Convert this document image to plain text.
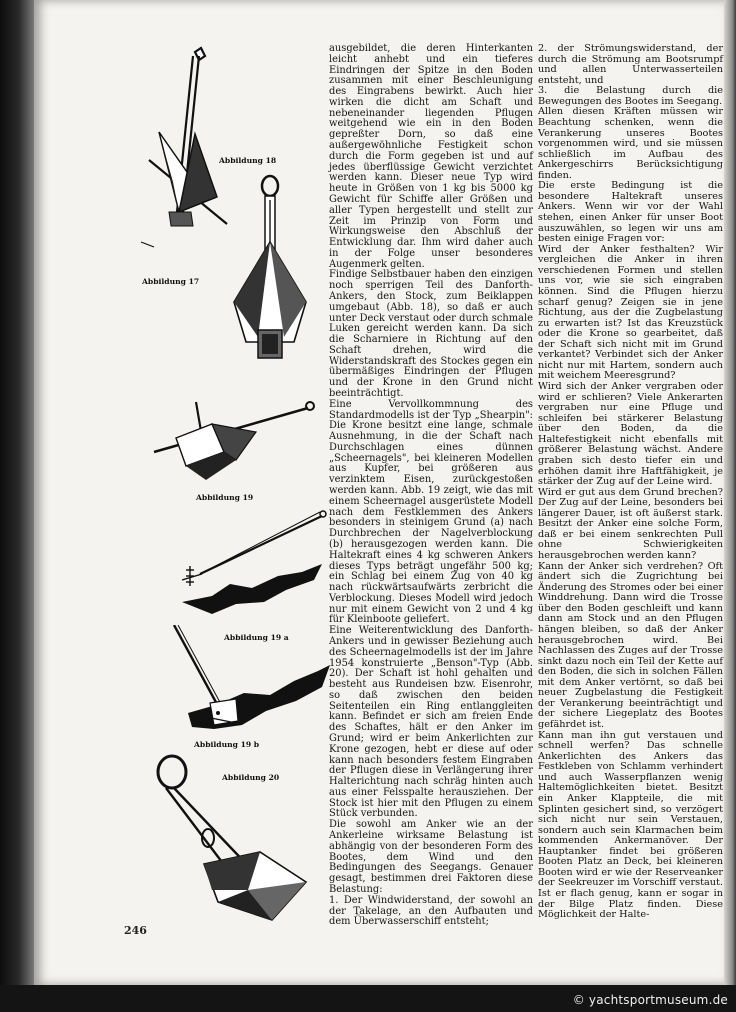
Abbildung 17
Abbildung 18
Abbildung 19
Abbildung 19 a
Abbildung 19 b
Abbildung 20
246

ausgebildet, die deren Hinterkanten leicht anhebt und ein tieferes Eindringen der Spitze in den Boden zusammen mit einer Beschleunigung des Eingrabens bewirkt. Auch hier wirken die dicht am Schaft und nebeneinander liegenden Pflugen weitgehend wie ein in den Boden gepreßter Dorn, so daß eine außergewöhnliche Festigkeit schon durch die Form gegeben ist und auf jedes überflüssige Gewicht verzichtet werden kann. Dieser neue Typ wird heute in Größen von 1 kg bis 5000 kg Gewicht für Schiffe aller Größen und aller Typen hergestellt und stellt zur Zeit im Prinzip von Form und Wirkungsweise den Abschluß der Entwicklung dar. Ihm wird daher auch in der Folge unser besonderes Augenmerk gelten.

Findige Selbstbauer haben den einzigen noch sperrigen Teil des Danforth-Ankers, den Stock, zum Beiklappen umgebaut (Abb. 18), so daß er auch unter Deck verstaut oder durch schmale Luken gereicht werden kann. Da sich die Scharniere in Richtung auf den Schaft drehen, wird die Widerstandskraft des Stockes gegen ein übermäßiges Eindringen der Pflugen und der Krone in den Grund nicht beeinträchtigt.

Eine Vervollkommnung des Standardmodells ist der Typ „Shearpin": Die Krone besitzt eine lange, schmale Ausnehmung, in die der Schaft nach Durchschlagen eines dünnen „Scheernagels", bei kleineren Modellen aus Kupfer, bei größeren aus verzinktem Eisen, zurückgestoßen werden kann. Abb. 19 zeigt, wie das mit einem Scheernagel ausgerüstete Modell nach dem Festklemmen des Ankers besonders in steinigem Grund (a) nach Durchbrechen der Nagelverblockung (b) herausgezogen werden kann. Die Haltekraft eines 4 kg schweren Ankers dieses Typs beträgt ungefähr 500 kg; ein Schlag bei einem Zug von 40 kg nach rückwärtsaufwärts zerbricht die Verblockung. Dieses Modell wird jedoch nur mit einem Gewicht von 2 und 4 kg für Kleinboote geliefert.

Eine Weiterentwicklung des Danforth-Ankers und in gewisser Beziehung auch des Scheernagelmodells ist der im Jahre 1954 konstruierte „Benson"-Typ (Abb. 20). Der Schaft ist hohl gehalten und besteht aus Rundeisen bzw. Eisenrohr, so daß zwischen den beiden Seitenteilen ein Ring entlanggleiten kann. Befindet er sich am freien Ende des Schaftes, hält er den Anker im Grund; wird er beim Ankerlichten zur Krone gezogen, hebt er diese auf oder kann nach besonders festem Eingraben der Pflugen diese in Verlängerung ihrer Halterichtung nach schräg hinten auch aus einer Felsspalte herausziehen. Der Stock ist hier mit den Pflugen zu einem Stück verbunden.

Die sowohl am Anker wie an der Ankerleine wirksame Belastung ist abhängig von der besonderen Form des Bootes, dem Wind und den Bedingungen des Seegangs. Genauer gesagt, bestimmen drei Faktoren diese Belastung:

1. Der Windwiderstand, der sowohl an der Takelage, an den Aufbauten und dem Überwasserschiff entsteht;

2. der Strömungswiderstand, der durch die Strömung am Bootsrumpf und allen Unterwasserteilen entsteht, und

3. die Belastung durch die Bewegungen des Bootes im Seegang.

Allen diesen Kräften müssen wir Beachtung schenken, wenn die Verankerung unseres Bootes vorgenommen wird, und sie müssen schließlich im Aufbau des Ankergeschirrs Berücksichtigung finden.

Die erste Bedingung ist die besondere Haltekraft unseres Ankers. Wenn wir vor der Wahl stehen, einen Anker für unser Boot auszuwählen, so legen wir uns am besten einige Fragen vor:

Wird der Anker festhalten? Wir vergleichen die Anker in ihren verschiedenen Formen und stellen uns vor, wie sie sich eingraben können. Sind die Pflugen hierzu scharf genug? Zeigen sie in jene Richtung, aus der die Zugbelastung zu erwarten ist? Ist das Kreuzstück oder die Krone so gearbeitet, daß der Schaft sich nicht mit im Grund verkantet? Verbindet sich der Anker nicht nur mit Hartem, sondern auch mit weichem Meeresgrund?

Wird sich der Anker vergraben oder wird er schlieren? Viele Ankerarten vergraben nur eine Pfluge und schleifen bei stärkerer Belastung über den Boden, da die Haltefestigkeit nicht ebenfalls mit größerer Belastung wächst. Andere graben sich desto tiefer ein und erhöhen damit ihre Haftfähigkeit, je stärker der Zug auf der Leine wird.

Wird er gut aus dem Grund brechen? Der Zug auf der Leine, besonders bei längerer Dauer, ist oft äußerst stark. Besitzt der Anker eine solche Form, daß er bei einem senkrechten Pull ohne Schwierigkeiten herausgebrochen werden kann?

Kann der Anker sich verdrehen? Oft ändert sich die Zugrichtung bei Änderung des Stromes oder bei einer Winddrehung. Dann wird die Trosse über den Boden geschleift und kann dann am Stock und an den Pflugen hängen bleiben, so daß der Anker herausgebrochen wird. Bei Nachlassen des Zuges auf der Trosse sinkt dazu noch ein Teil der Kette auf den Boden, die sich in solchen Fällen mit dem Anker vertörnt, so daß bei neuer Zugbelastung die Festigkeit der Verankerung beeinträchtigt und der sichere Liegeplatz des Bootes gefährdet ist.

Kann man ihn gut verstauen und schnell werfen? Das schnelle Ankerlichten des Ankers das Festkleben von Schlamm verhindert und auch Wasserpflanzen wenig Haltemöglichkeiten bietet. Besitzt ein Anker Klappteile, die mit Splinten gesichert sind, so verzögert sich nicht nur sein Verstauen, sondern auch sein Klarmachen beim kommenden Ankermanöver. Der Hauptanker findet bei größeren Booten Platz an Deck, bei kleineren Booten wird er wie der Reserveanker der Seekreuzer im Vorschiff verstaut. Ist er flach genug, kann er sogar in der Bilge Platz finden. Diese Möglichkeit der Halte-

© yachtsportmuseum.de
